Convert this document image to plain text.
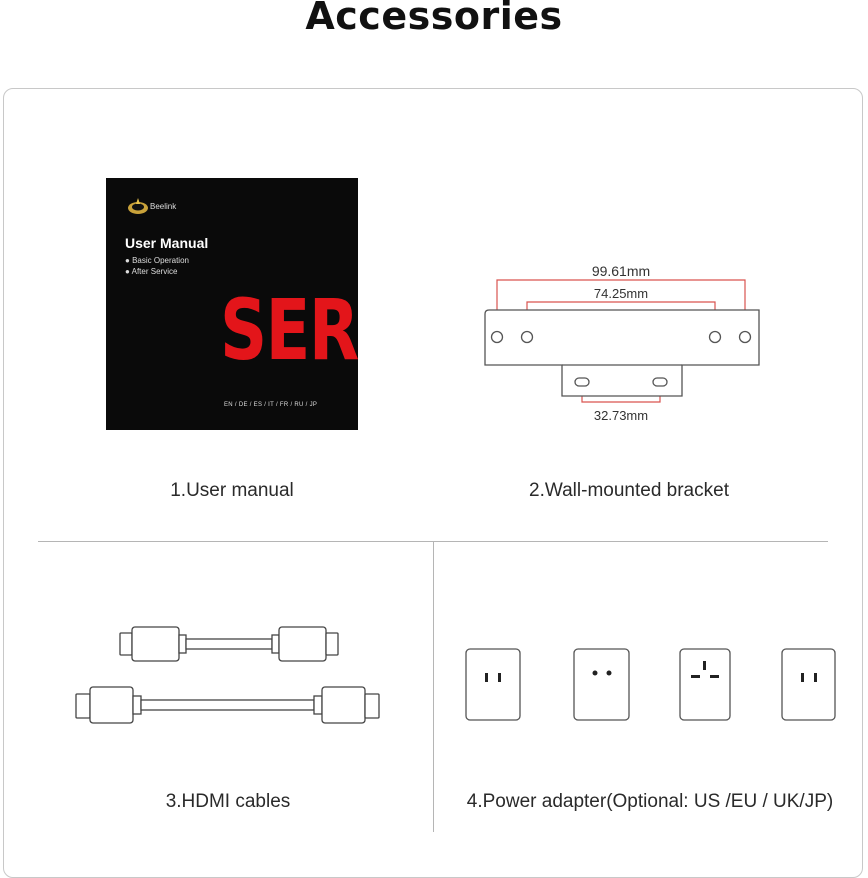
Accessories
Beelink
User Manual
● Basic Operation
● After Service
SER
EN / DE / ES / IT / FR / RU / JP
1.User manual
99.61mm
74.25mm
32.73mm
2.Wall-mounted bracket
3.HDMI cables	4.Power adapter(Optional: US /EU / UK/JP)
